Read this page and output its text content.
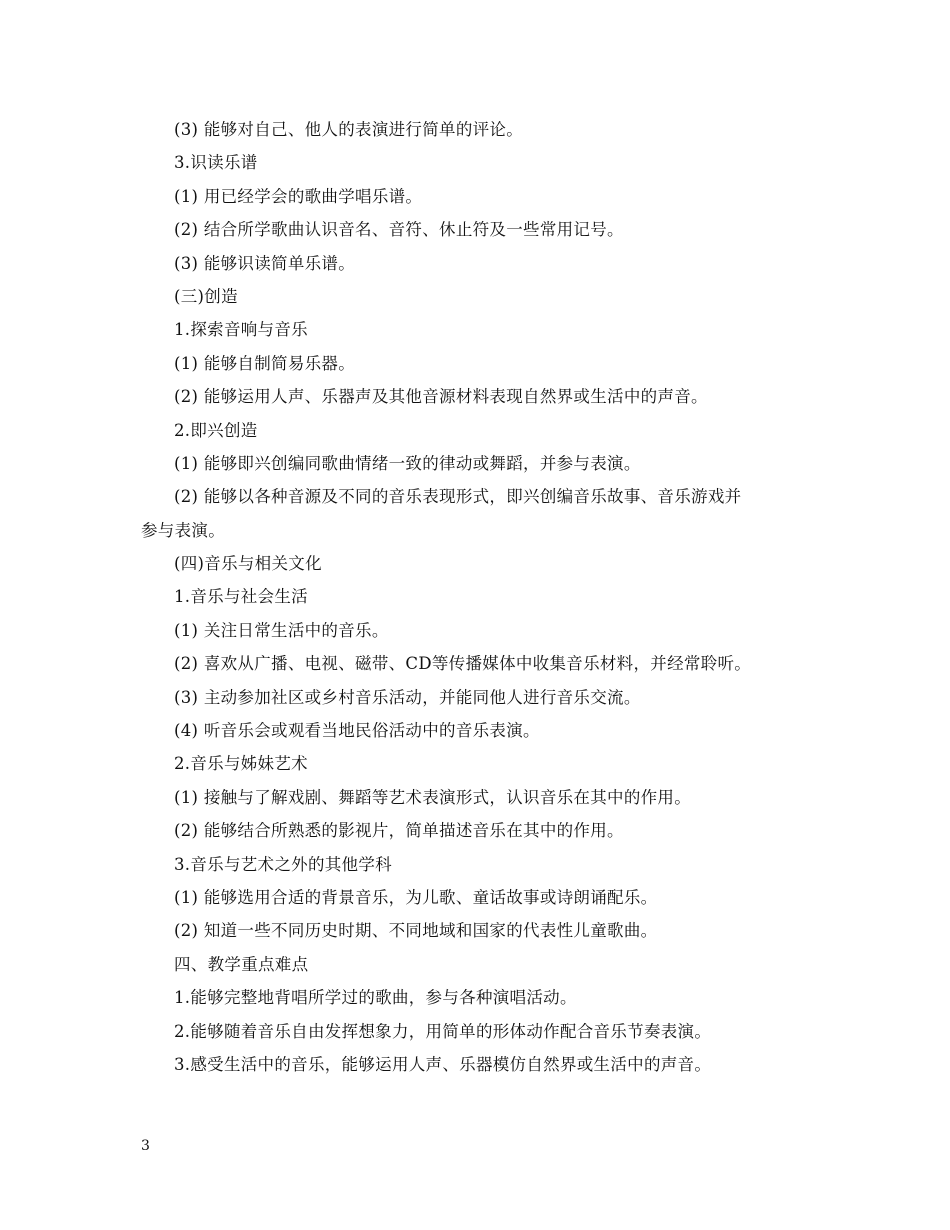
(3) 能够对自己、他人的表演进行简单的评论。
3.识读乐谱
(1) 用已经学会的歌曲学唱乐谱。
(2) 结合所学歌曲认识音名、音符、休止符及一些常用记号。
(3) 能够识读简单乐谱。
(三)创造
1.探索音响与音乐
(1) 能够自制简易乐器。
(2) 能够运用人声、乐器声及其他音源材料表现自然界或生活中的声音。
2.即兴创造
(1) 能够即兴创编同歌曲情绪一致的律动或舞蹈，并参与表演。
(2) 能够以各种音源及不同的音乐表现形式，即兴创编音乐故事、音乐游戏并
参与表演。
(四)音乐与相关文化
1.音乐与社会生活
(1) 关注日常生活中的音乐。
(2) 喜欢从广播、电视、磁带、CD等传播媒体中收集音乐材料，并经常聆听。
(3) 主动参加社区或乡村音乐活动，并能同他人进行音乐交流。
(4) 听音乐会或观看当地民俗活动中的音乐表演。
2.音乐与姊妹艺术
(1) 接触与了解戏剧、舞蹈等艺术表演形式，认识音乐在其中的作用。
(2) 能够结合所熟悉的影视片，简单描述音乐在其中的作用。
3.音乐与艺术之外的其他学科
(1) 能够选用合适的背景音乐，为儿歌、童话故事或诗朗诵配乐。
(2) 知道一些不同历史时期、不同地域和国家的代表性儿童歌曲。
四、教学重点难点
1.能够完整地背唱所学过的歌曲，参与各种演唱活动。
2.能够随着音乐自由发挥想象力，用简单的形体动作配合音乐节奏表演。
3.感受生活中的音乐，能够运用人声、乐器模仿自然界或生活中的声音。
3
